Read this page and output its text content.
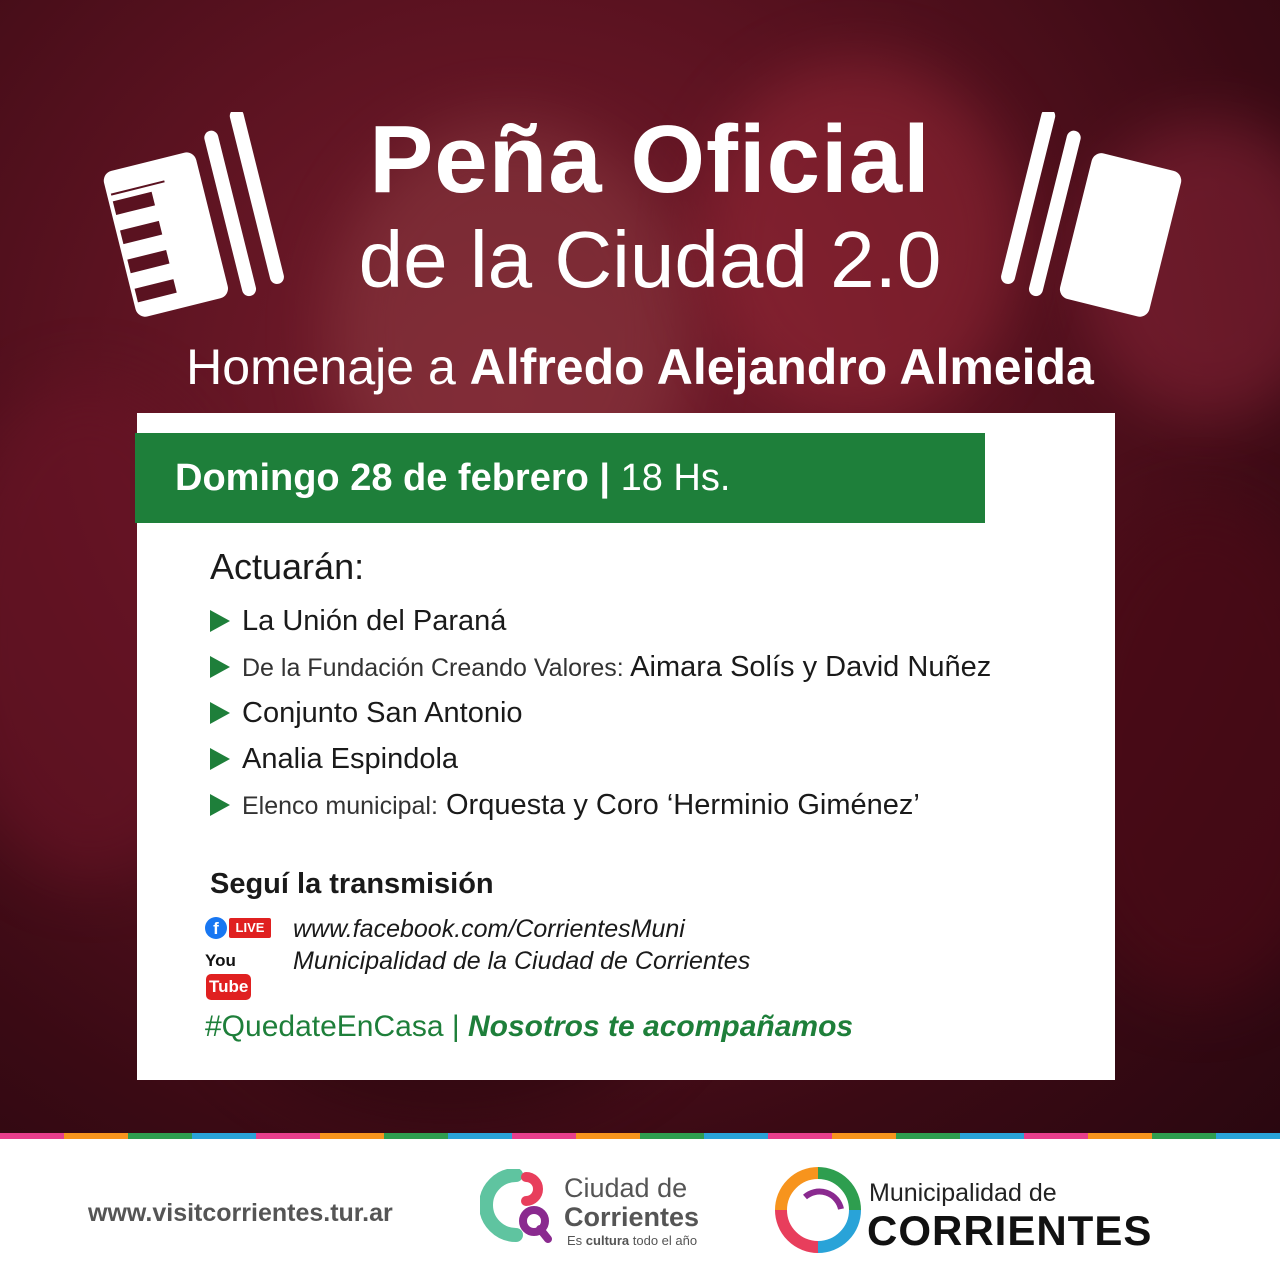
Peña Oficial
de la Ciudad 2.0
Homenaje a Alfredo Alejandro Almeida
Domingo 28 de febrero | 18 Hs.
Actuarán:
La Unión del Paraná
De la Fundación Creando Valores: Aimara Solís y David Nuñez
Conjunto San Antonio
Analia Espindola
Elenco municipal: Orquesta y Coro ‘Herminio Giménez’
Seguí la transmisión
f	LIVE www.facebook.com/CorrientesMuni
YouTube
Municipalidad de la Ciudad de Corrientes
#QuedateEnCasa | Nosotros te acompañamos
www.visitcorrientes.tur.ar
Ciudad de
Corrientes
Es cultura todo el año
Municipalidad de
CORRIENTES
